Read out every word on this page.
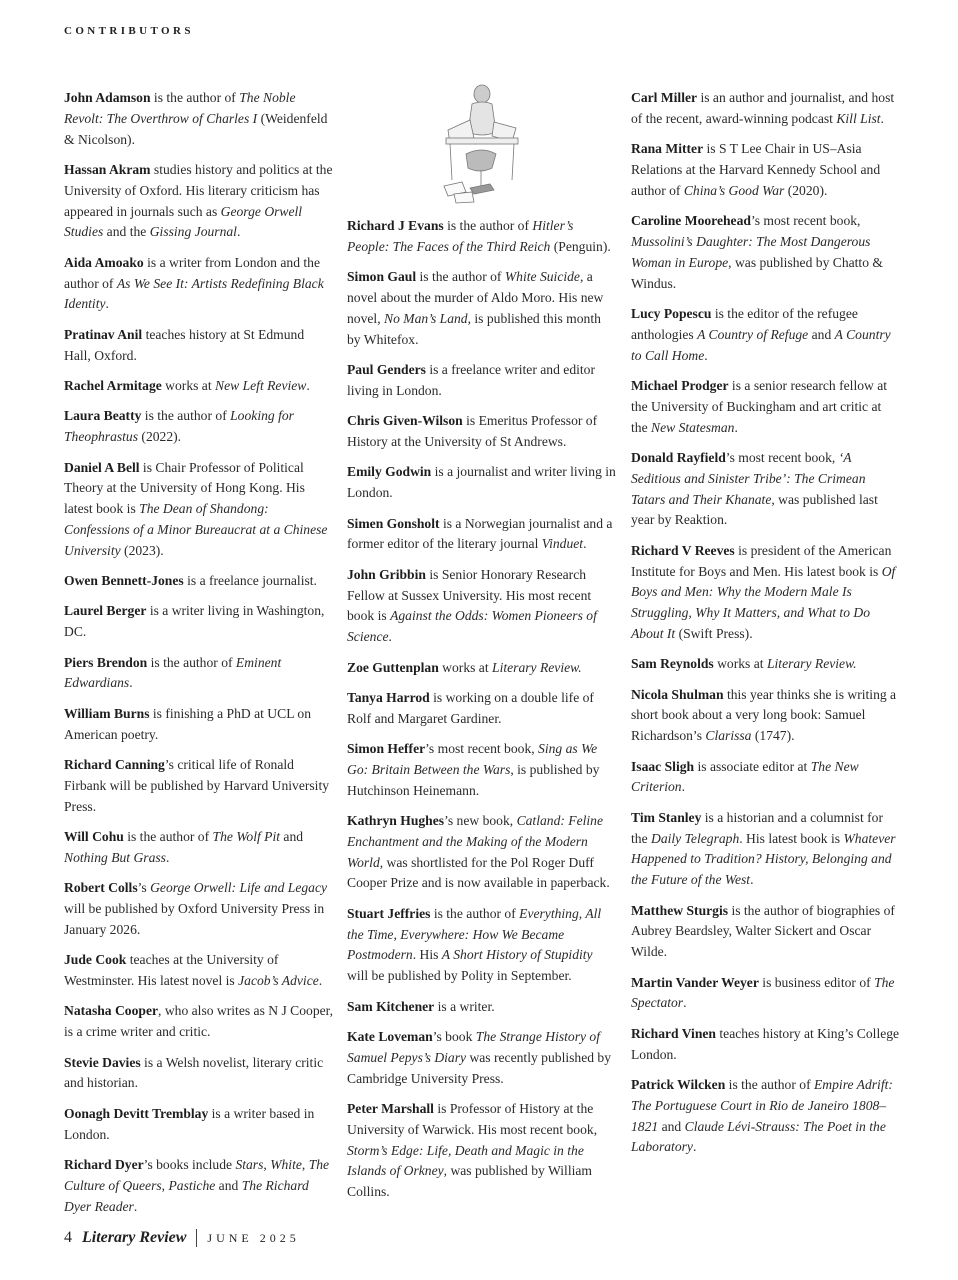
CONTRIBUTORS

John Adamson is the author of The Noble Revolt: The Overthrow of Charles I (Weidenfeld & Nicolson).

Hassan Akram studies history and politics at the University of Oxford. His literary criticism has appeared in journals such as George Orwell Studies and the Gissing Journal.

Aida Amoako is a writer from London and the author of As We See It: Artists Redefining Black Identity.

Pratinav Anil teaches history at St Edmund Hall, Oxford.

Rachel Armitage works at New Left Review.

Laura Beatty is the author of Looking for Theophrastus (2022).

Daniel A Bell is Chair Professor of Political Theory at the University of Hong Kong. His latest book is The Dean of Shandong: Confessions of a Minor Bureaucrat at a Chinese University (2023).

Owen Bennett-Jones is a freelance journalist.

Laurel Berger is a writer living in Washington, DC.

Piers Brendon is the author of Eminent Edwardians.

William Burns is finishing a PhD at UCL on American poetry.

Richard Canning’s critical life of Ronald Firbank will be published by Harvard University Press.

Will Cohu is the author of The Wolf Pit and Nothing But Grass.

Robert Colls’s George Orwell: Life and Legacy will be published by Oxford University Press in January 2026.

Jude Cook teaches at the University of Westminster. His latest novel is Jacob’s Advice.

Natasha Cooper, who also writes as N J Cooper, is a crime writer and critic.

Stevie Davies is a Welsh novelist, literary critic and historian.

Oonagh Devitt Tremblay is a writer based in London.

Richard Dyer’s books include Stars, White, The Culture of Queers, Pastiche and The Richard Dyer Reader.

Richard J Evans is the author of Hitler’s People: The Faces of the Third Reich (Penguin).

Simon Gaul is the author of White Suicide, a novel about the murder of Aldo Moro. His new novel, No Man’s Land, is published this month by Whitefox.

Paul Genders is a freelance writer and editor living in London.

Chris Given-Wilson is Emeritus Professor of History at the University of St Andrews.

Emily Godwin is a journalist and writer living in London.

Simen Gonsholt is a Norwegian journalist and a former editor of the literary journal Vinduet.

John Gribbin is Senior Honorary Research Fellow at Sussex University. His most recent book is Against the Odds: Women Pioneers of Science.

Zoe Guttenplan works at Literary Review.

Tanya Harrod is working on a double life of Rolf and Margaret Gardiner.

Simon Heffer’s most recent book, Sing as We Go: Britain Between the Wars, is published by Hutchinson Heinemann.

Kathryn Hughes’s new book, Catland: Feline Enchantment and the Making of the Modern World, was shortlisted for the Pol Roger Duff Cooper Prize and is now available in paperback.

Stuart Jeffries is the author of Everything, All the Time, Everywhere: How We Became Postmodern. His A Short History of Stupidity will be published by Polity in September.

Sam Kitchener is a writer.

Kate Loveman’s book The Strange History of Samuel Pepys’s Diary was recently published by Cambridge University Press.

Peter Marshall is Professor of History at the University of Warwick. His most recent book, Storm’s Edge: Life, Death and Magic in the Islands of Orkney, was published by William Collins.

Carl Miller is an author and journalist, and host of the recent, award-winning podcast Kill List.

Rana Mitter is S T Lee Chair in US–Asia Relations at the Harvard Kennedy School and author of China’s Good War (2020).

Caroline Moorehead’s most recent book, Mussolini’s Daughter: The Most Dangerous Woman in Europe, was published by Chatto & Windus.

Lucy Popescu is the editor of the refugee anthologies A Country of Refuge and A Country to Call Home.

Michael Prodger is a senior research fellow at the University of Buckingham and art critic at the New Statesman.

Donald Rayfield’s most recent book, ‘A Seditious and Sinister Tribe’: The Crimean Tatars and Their Khanate, was published last year by Reaktion.

Richard V Reeves is president of the American Institute for Boys and Men. His latest book is Of Boys and Men: Why the Modern Male Is Struggling, Why It Matters, and What to Do About It (Swift Press).

Sam Reynolds works at Literary Review.

Nicola Shulman this year thinks she is writing a short book about a very long book: Samuel Richardson’s Clarissa (1747).

Isaac Sligh is associate editor at The New Criterion.

Tim Stanley is a historian and a columnist for the Daily Telegraph. His latest book is Whatever Happened to Tradition? History, Belonging and the Future of the West.

Matthew Sturgis is the author of biographies of Aubrey Beardsley, Walter Sickert and Oscar Wilde.

Martin Vander Weyer is business editor of The Spectator.

Richard Vinen teaches history at King’s College London.

Patrick Wilcken is the author of Empire Adrift: The Portuguese Court in Rio de Janeiro 1808–1821 and Claude Lévi-Strauss: The Poet in the Laboratory.

4 Literary Review JUNE 2025
